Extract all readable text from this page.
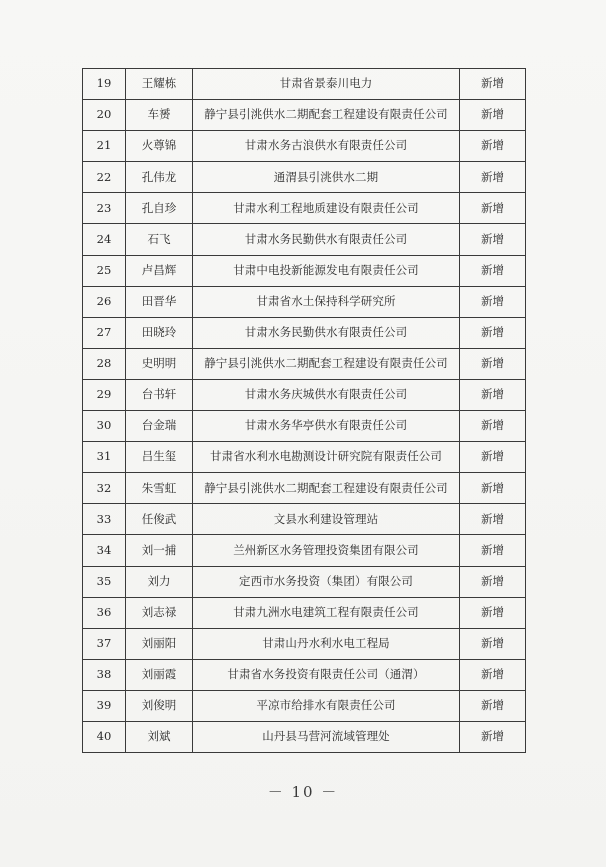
19	王耀栋	甘肃省景泰川电力	新增
20	车赟	静宁县引洮供水二期配套工程建设有限责任公司	新增
21	火尊锦	甘肃水务古浪供水有限责任公司	新增
22	孔伟龙	通渭县引洮供水二期	新增
23	孔自珍	甘肃水利工程地质建设有限责任公司	新增
24	石飞	甘肃水务民勤供水有限责任公司	新增
25	卢昌辉	甘肃中电投新能源发电有限责任公司	新增
26	田晋华	甘肃省水土保持科学研究所	新增
27	田晓玲	甘肃水务民勤供水有限责任公司	新增
28	史明明	静宁县引洮供水二期配套工程建设有限责任公司	新增
29	台书轩	甘肃水务庆城供水有限责任公司	新增
30	台金瑞	甘肃水务华亭供水有限责任公司	新增
31	吕生玺	甘肃省水利水电勘测设计研究院有限责任公司	新增
32	朱雪虹	静宁县引洮供水二期配套工程建设有限责任公司	新增
33	任俊武	文县水利建设管理站	新增
34	刘一捕	兰州新区水务管理投资集团有限公司	新增
35	刘力	定西市水务投资（集团）有限公司	新增
36	刘志禄	甘肃九洲水电建筑工程有限责任公司	新增
37	刘丽阳	甘肃山丹水利水电工程局	新增
38	刘丽霞	甘肃省水务投资有限责任公司（通渭）	新增
39	刘俊明	平凉市给排水有限责任公司	新增
40	刘斌	山丹县马营河流域管理处	新增
－ 10 －
